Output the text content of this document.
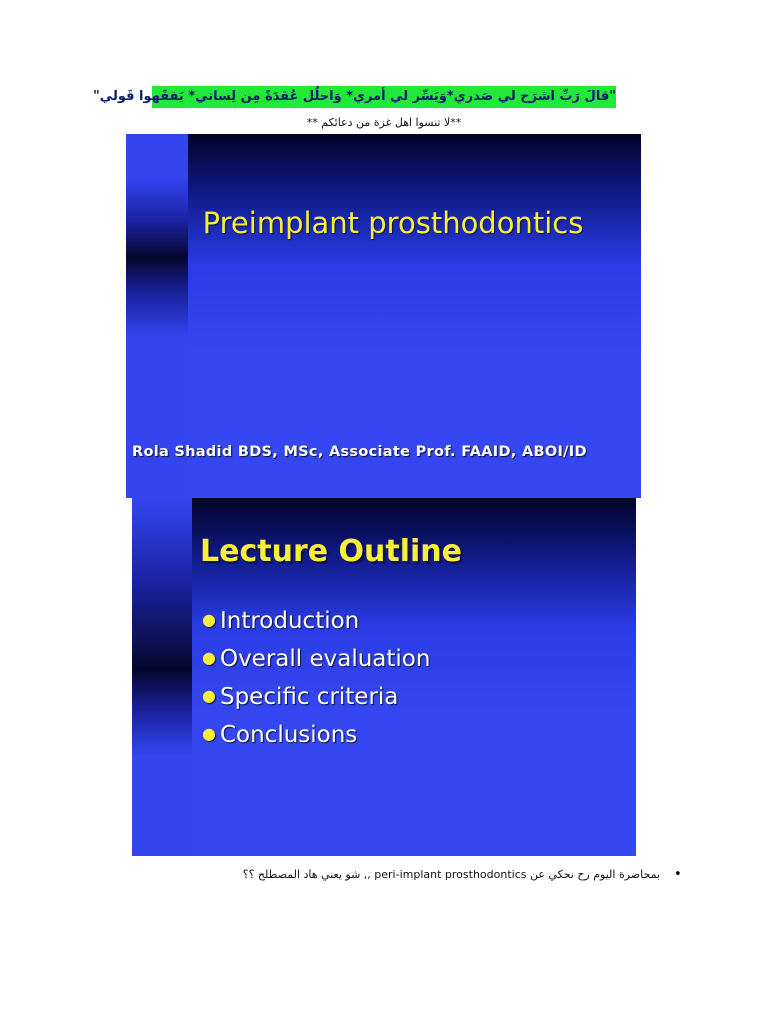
"قالَ رَبِّ اشرَح لي صَدري*وَيَسِّر لي أمري* وَاحلُل عُقدَةً مِن لِساني* يَفقَهوا قَولي"
**لا تنسوا اهل غزة من دعائكم **
Preimplant prosthodontics
Rola Shadid BDS, MSc, Associate Prof. FAAID, ABOI/ID
Lecture Outline
● Introduction
● Overall evaluation
● Specific criteria
● Conclusions
•
بمحاضرة اليوم رح نحكي عن peri-implant prosthodontics ,, شو يعني هاد المصطلح ؟؟
